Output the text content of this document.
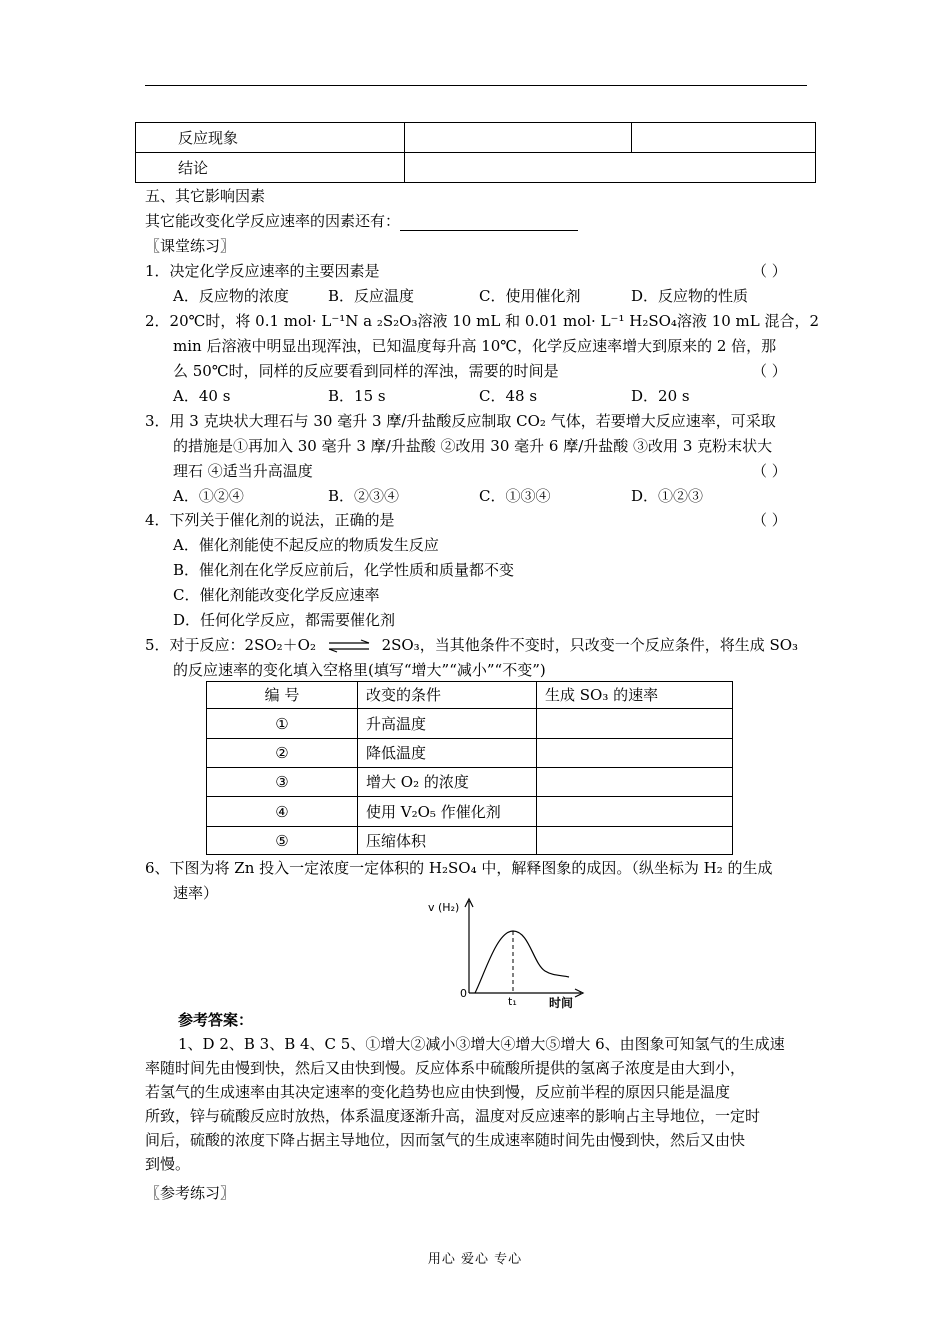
反应现象		
结论		
五、其它影响因素
其它能改变化学反应速率的因素还有：
〖课堂练习〗
1．决定化学反应速率的主要因素是	（ ）
A．反应物的浓度	B．反应温度	C．使用催化剂	D．反应物的性质
2．20℃时，将 0.1 mol· L⁻¹N a ₂S₂O₃溶液 10 mL 和 0.01 mol· L⁻¹ H₂SO₄溶液 10 mL 混合，2
min 后溶液中明显出现浑浊，已知温度每升高 10℃，化学反应速率增大到原来的 2 倍，那
么 50℃时，同样的反应要看到同样的浑浊，需要的时间是	（ ）
A．40 s	B．15 s	C．48 s	D．20 s
3．用 3 克块状大理石与 30 毫升 3 摩/升盐酸反应制取 CO₂ 气体，若要增大反应速率，可采取
的措施是①再加入 30 毫升 3 摩/升盐酸 ②改用 30 毫升 6 摩/升盐酸 ③改用 3 克粉末状大
理石 ④适当升高温度	（ ）
A．①②④	B．②③④	C．①③④	D．①②③
4．下列关于催化剂的说法，正确的是	（ ）
A．催化剂能使不起反应的物质发生反应
B．催化剂在化学反应前后，化学性质和质量都不变
C．催化剂能改变化学反应速率
D．任何化学反应，都需要催化剂
5．对于反应：2SO₂＋O₂ ⇌ 2SO₃，当其他条件不变时，只改变一个反应条件，将生成 SO₃
的反应速率的变化填入空格里(填写“增大”“减小”“不变”)
编 号	改变的条件	生成 SO₃ 的速率
①	升高温度	
②	降低温度	
③	增大 O₂ 的浓度	
④	使用 V₂O₅ 作催化剂	
⑤	压缩体积	
6、下图为将 Zn 投入一定浓度一定体积的 H₂SO₄ 中，解释图象的成因。（纵坐标为 H₂ 的生成
速率）
v (H₂)
0
t₁	时间
参考答案：
1、D 2、B 3、B 4、C 5、①增大②减小③增大④增大⑤增大 6、由图象可知氢气的生成速
率随时间先由慢到快，然后又由快到慢。反应体系中硫酸所提供的氢离子浓度是由大到小，
若氢气的生成速率由其决定速率的变化趋势也应由快到慢，反应前半程的原因只能是温度
所致，锌与硫酸反应时放热，体系温度逐渐升高，温度对反应速率的影响占主导地位，一定时
间后，硫酸的浓度下降占据主导地位，因而氢气的生成速率随时间先由慢到快，然后又由快
到慢。
〖参考练习〗
用心 爱心 专心
